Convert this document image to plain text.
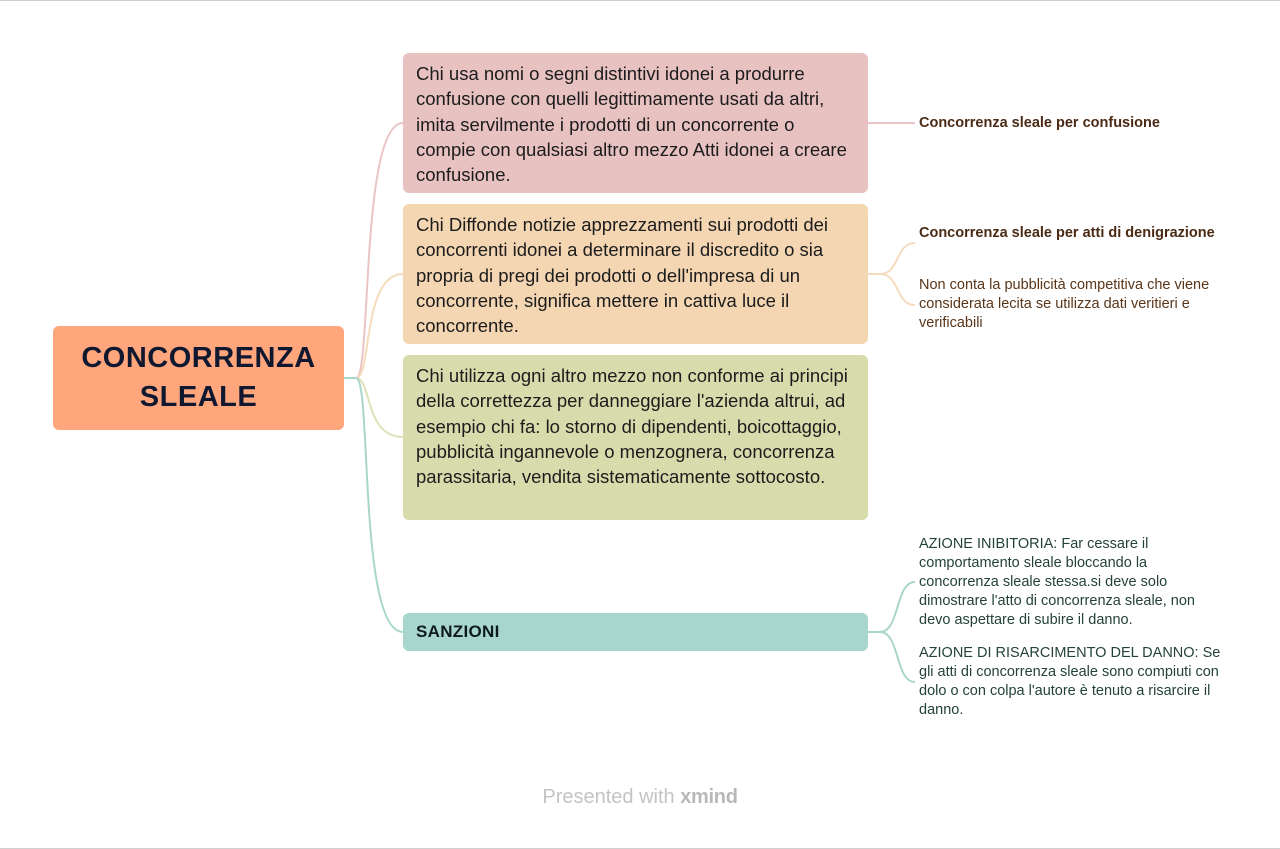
CONCORRENZA SLEALE
Chi usa nomi o segni distintivi idonei a produrre confusione con quelli legittimamente usati da altri, imita servilmente i prodotti di un concorrente o compie con qualsiasi altro mezzo Atti idonei a creare confusione.
Chi Diffonde notizie apprezzamenti sui prodotti dei concorrenti idonei a determinare il discredito o sia propria di pregi dei prodotti o dell'impresa di un concorrente, significa mettere in cattiva luce il concorrente.
Chi utilizza ogni altro mezzo non conforme ai principi della correttezza per danneggiare l'azienda altrui, ad esempio chi fa: lo storno di dipendenti, boicottaggio, pubblicità ingannevole o menzognera, concorrenza parassitaria, vendita sistematicamente sottocosto.
SANZIONI
Concorrenza sleale per confusione
Concorrenza sleale per atti di denigrazione
Non conta la pubblicità competitiva che viene considerata lecita se utilizza dati veritieri e verificabili
AZIONE INIBITORIA: Far cessare il comportamento sleale bloccando la concorrenza sleale stessa.si deve solo dimostrare l'atto di concorrenza sleale, non devo aspettare di subire il danno.
AZIONE DI RISARCIMENTO DEL DANNO: Se gli atti di concorrenza sleale sono compiuti con dolo o con colpa l'autore è tenuto a risarcire il danno.
Presented with xmind
